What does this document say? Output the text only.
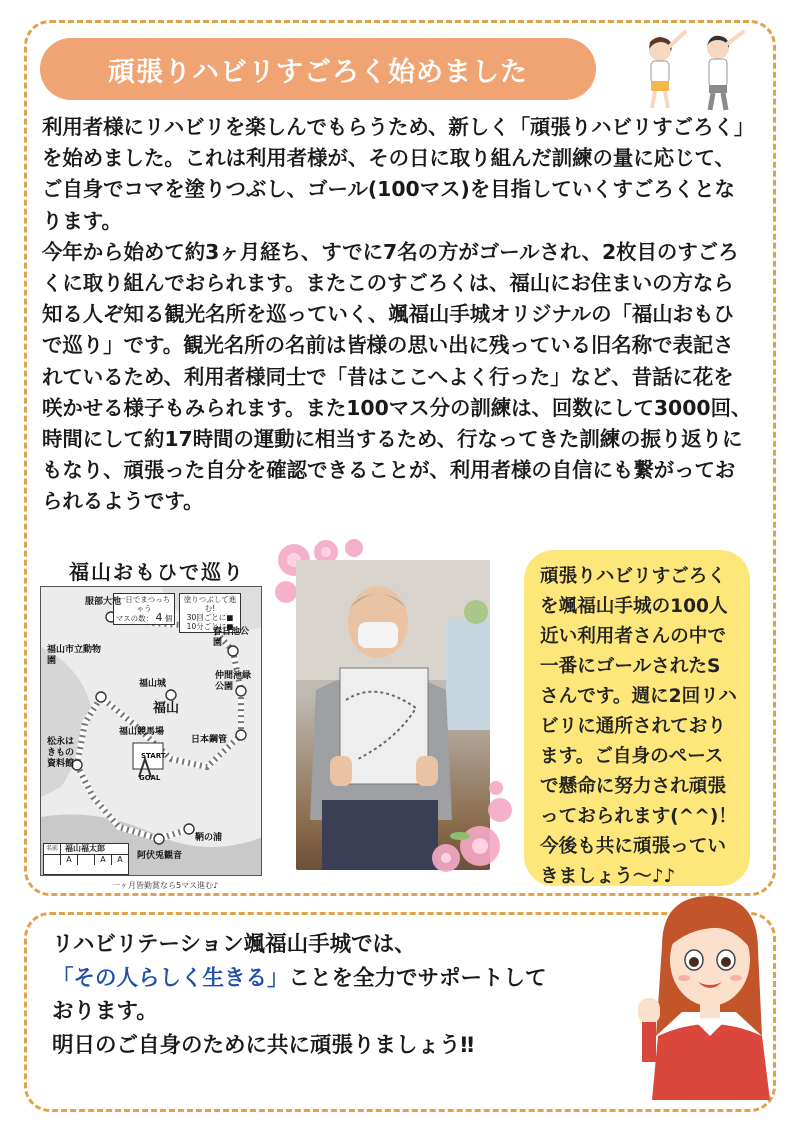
頑張りハビリすごろく始めました

利用者様にリハビリを楽しんでもらうため、新しく「頑張りハビリすごろく」を始めました。これは利用者様が、その日に取り組んだ訓練の量に応じて、ご自身でコマを塗りつぶし、ゴール(100マス)を目指していくすごろくとなります。

今年から始めて約3ヶ月経ち、すでに7名の方がゴールされ、2枚目のすごろくに取り組んでおられます。またこのすごろくは、福山にお住まいの方なら知る人ぞ知る観光名所を巡っていく、颯福山手城オリジナルの「福山おもひで巡り」です。観光名所の名前は皆様の思い出に残っている旧名称で表記されているため、利用者様同士で「昔はここへよく行った」など、昔話に花を咲かせる様子もみられます。また100マス分の訓練は、回数にして3000回、時間にして約17時間の運動に相当するため、行なってきた訓練の振り返りにもなり、頑張った自分を確認できることが、利用者様の自信にも繋がっておられるようです。

福山おもひで巡り
一日でまつっちゃう
マスの数： 4 個
塗りつぶして進む!
30回ごとに■
10分ごとに■
服部大池
福山市立動物園
春日池公園
福山城
福山
仲間池緑公園
福山競馬場
日本鋼管
松永はきもの資料館
鞆の浦
阿伏兎観音
START
GOAL
名前 福山福太郎
A	A	A
一ヶ月皆勤賞なら5マス進む♪
頑張りハビリすごろくを颯福山手城の100人近い利用者さんの中で一番にゴールされたSさんです。週に2回リハビリに通所されております。ご自身のペースで懸命に努力され頑張っておられます(^^)！今後も共に頑張っていきましょう～♪♪

リハビリテーション颯福山手城では、

「その人らしく生きる」ことを全力でサポートして

おります。

明日のご自身のために共に頑張りましょう‼
